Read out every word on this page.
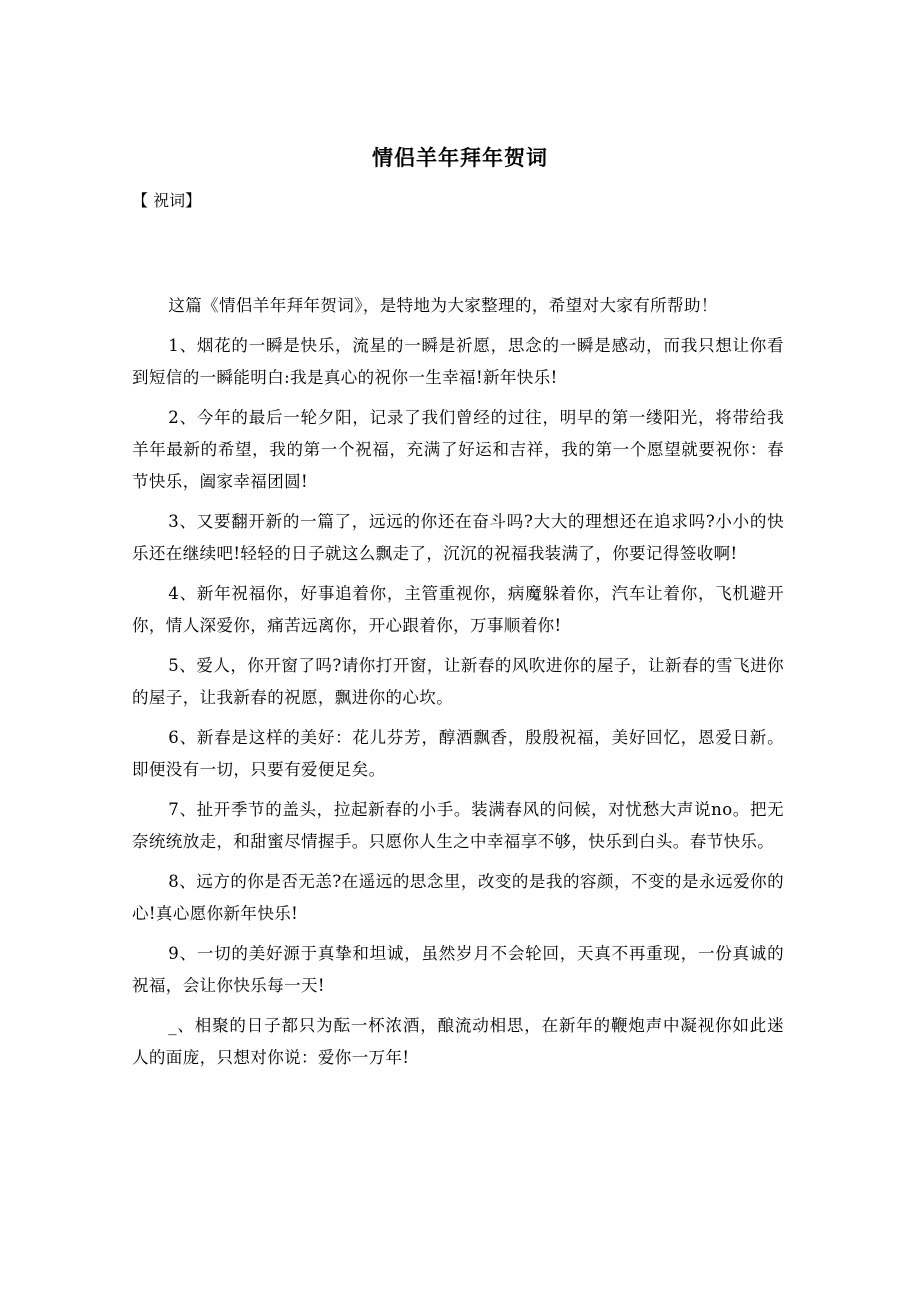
情侣羊年拜年贺词
【 祝词】

这篇《情侣羊年拜年贺词》，是特地为大家整理的，希望对大家有所帮助！

1、烟花的一瞬是快乐，流星的一瞬是祈愿，思念的一瞬是感动，而我只想让你看到短信的一瞬能明白:我是真心的祝你一生幸福!新年快乐!

2、今年的最后一轮夕阳，记录了我们曾经的过往，明早的第一缕阳光，将带给我羊年最新的希望，我的第一个祝福，充满了好运和吉祥，我的第一个愿望就要祝你：春节快乐，阖家幸福团圆!

3、又要翻开新的一篇了，远远的你还在奋斗吗?大大的理想还在追求吗?小小的快乐还在继续吧!轻轻的日子就这么飘走了，沉沉的祝福我装满了，你要记得签收啊!

4、新年祝福你，好事追着你，主管重视你，病魔躲着你，汽车让着你，飞机避开你，情人深爱你，痛苦远离你，开心跟着你，万事顺着你!

5、爱人，你开窗了吗?请你打开窗，让新春的风吹进你的屋子，让新春的雪飞进你的屋子，让我新春的祝愿，飘进你的心坎。

6、新春是这样的美好：花儿芬芳，醇酒飘香，殷殷祝福，美好回忆，恩爱日新。即便没有一切，只要有爱便足矣。

7、扯开季节的盖头，拉起新春的小手。装满春风的问候，对忧愁大声说no。把无奈统统放走，和甜蜜尽情握手。只愿你人生之中幸福享不够，快乐到白头。春节快乐。

8、远方的你是否无恙?在遥远的思念里，改变的是我的容颜，不变的是永远爱你的心!真心愿你新年快乐!

9、一切的美好源于真挚和坦诚，虽然岁月不会轮回，天真不再重现，一份真诚的祝福，会让你快乐每一天!

_、相聚的日子都只为酝一杯浓酒，酿流动相思，在新年的鞭炮声中凝视你如此迷人的面庞，只想对你说：爱你一万年!
